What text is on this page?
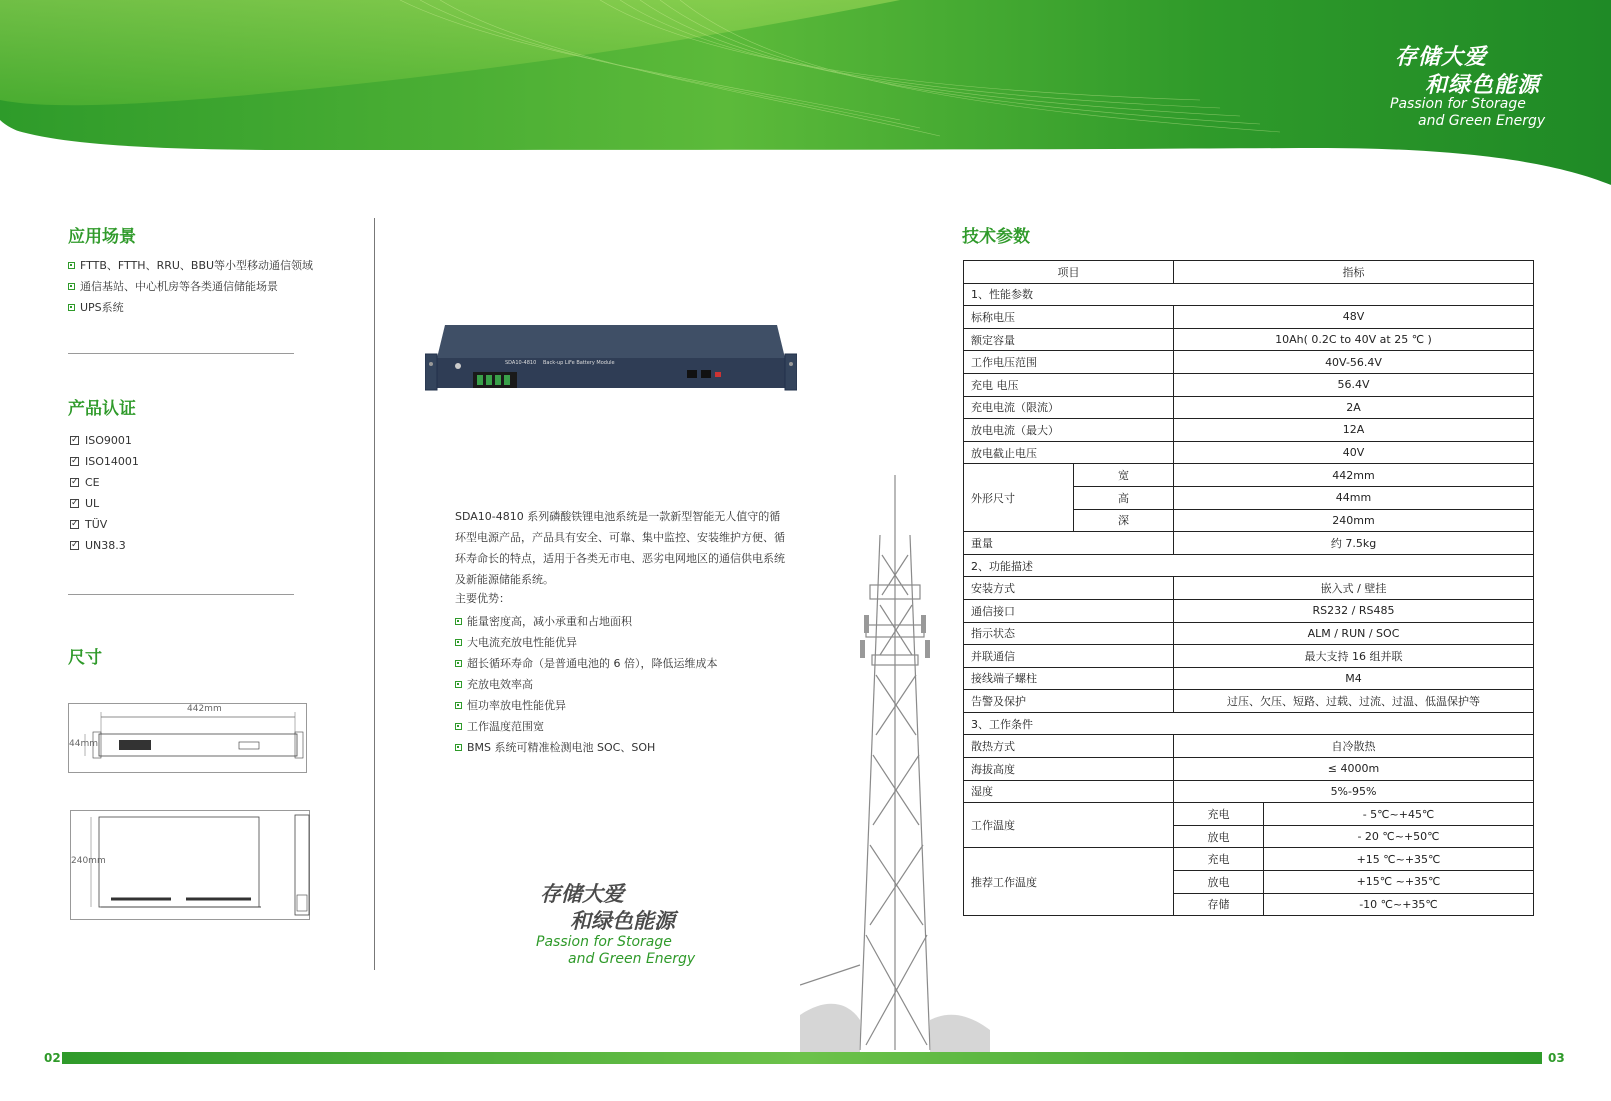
存储大爱
和绿色能源
Passion for Storage
and Green Energy
应用场景
FTTB、FTTH、RRU、BBU等小型移动通信领域
通信基站、中心机房等各类通信储能场景
UPS系统
产品认证
✓ ISO9001
✓ ISO14001
✓ CE
✓ UL
✓ TÜV
✓ UN38.3
尺寸
442mm
44mm
240mm
SDA10-4810 Back-up LiFe Battery Module
SDA10-4810 系列磷酸铁锂电池系统是一款新型智能无人值守的循环型电源产品，产品具有安全、可靠、集中监控、安装维护方便、循环寿命长的特点，适用于各类无市电、恶劣电网地区的通信供电系统及新能源储能系统。
主要优势：
能量密度高，减小承重和占地面积
大电流充放电性能优异
超长循环寿命（是普通电池的 6 倍），降低运维成本
充放电效率高
恒功率放电性能优异
工作温度范围宽
BMS 系统可精准检测电池 SOC、SOH
存储大爱
和绿色能源
Passion for Storage
and Green Energy
技术参数
项目		指标	
1、性能参数			
标称电压		48V	
额定容量		10Ah( 0.2C to 40V at 25 ℃ )	
工作电压范围		40V-56.4V	
充电 电压		56.4V	
充电电流（限流）		2A	
放电电流（最大）		12A	
放电截止电压		40V	
外形尺寸	宽	442mm	
	高	44mm	
	深	240mm	
重量		约 7.5kg	
2、功能描述			
安装方式		嵌入式 / 壁挂	
通信接口		RS232 / RS485	
指示状态		ALM / RUN / SOC	
并联通信		最大支持 16 组并联	
接线端子螺柱		M4	
告警及保护		过压、欠压、短路、过载、过流、过温、低温保护等	
3、工作条件			
散热方式		自冷散热	
海拔高度		≤ 4000m	
湿度		5%-95%	
工作温度		充电	- 5℃~+45℃
		放电	- 20 ℃~+50℃
推荐工作温度		充电	+15 ℃~+35℃
		放电	+15℃ ~+35℃
		存储	-10 ℃~+35℃
02	03
